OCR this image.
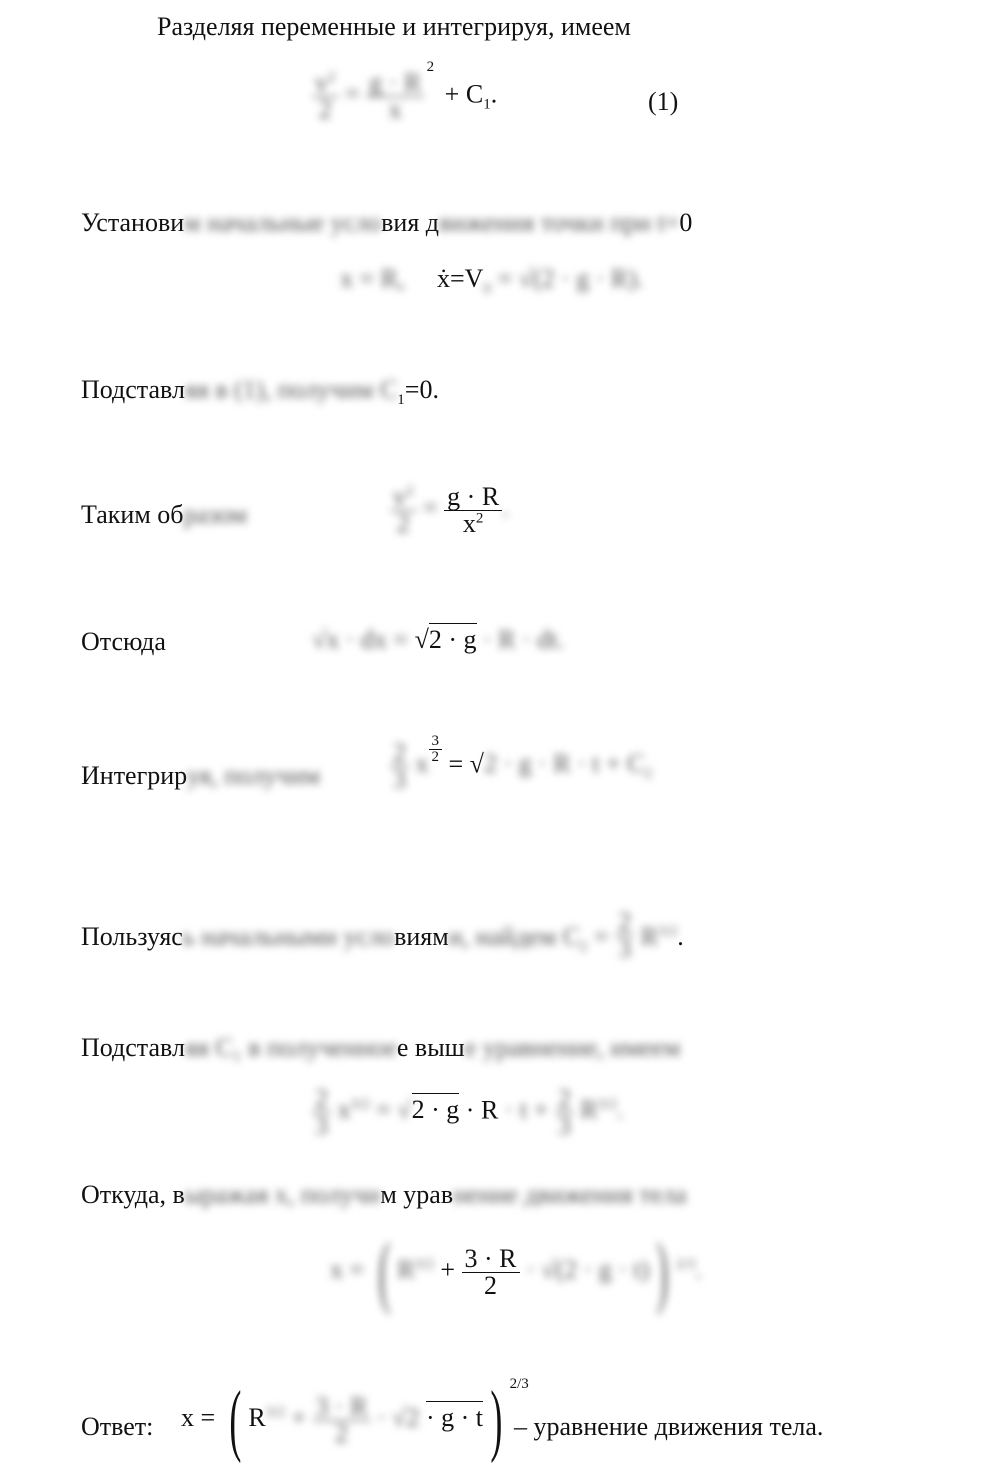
Разделяя переменные и интегрируя, имеем
$\frac{v^2}{2} = \frac{g \cdot R}{x}$
$^2 + C_1$.	(1)
Установим начальные условия движения точки при t=0
x = R,     $ẋ=V_0 = √(2 \cdot g \cdot R)$.
Подставляя в (1), получим $C_1=0$.
Таким образом	$\frac{v^2}{2} = \frac{g \cdot R}{x^2}$ .
Отсюда	√x · dx = √2 · g · R · dt.
Интегрируя, получим	$\frac{2}{3}$ x $^{\frac{3}{2}} = √2 \cdot g \cdot R \cdot t + C_2$
Пользуясь начальными условиями, найдем $C_2 = \frac{2}{3} R^{3/2}$.
Подставляя C₁ в полученноее выше уравнение, имеем
$\frac{2}{3} x^{3/2} = √2 \cdot g \cdot R \cdot t + \frac{2}{3} R^{3/2}$.
Откуда, выражая x, получим уравнение движения тела
x = ( $R^{3/2} + \frac{3 \cdot R}{2} \cdot √(2 \cdot g \cdot t)$) $^{2/3}$.
Ответ: x = ( $R^{3/2} + \frac{3 \cdot R}{2} \cdot √2 \cdot g \cdot t$) $^{2/3}$
– уравнение движения тела.
